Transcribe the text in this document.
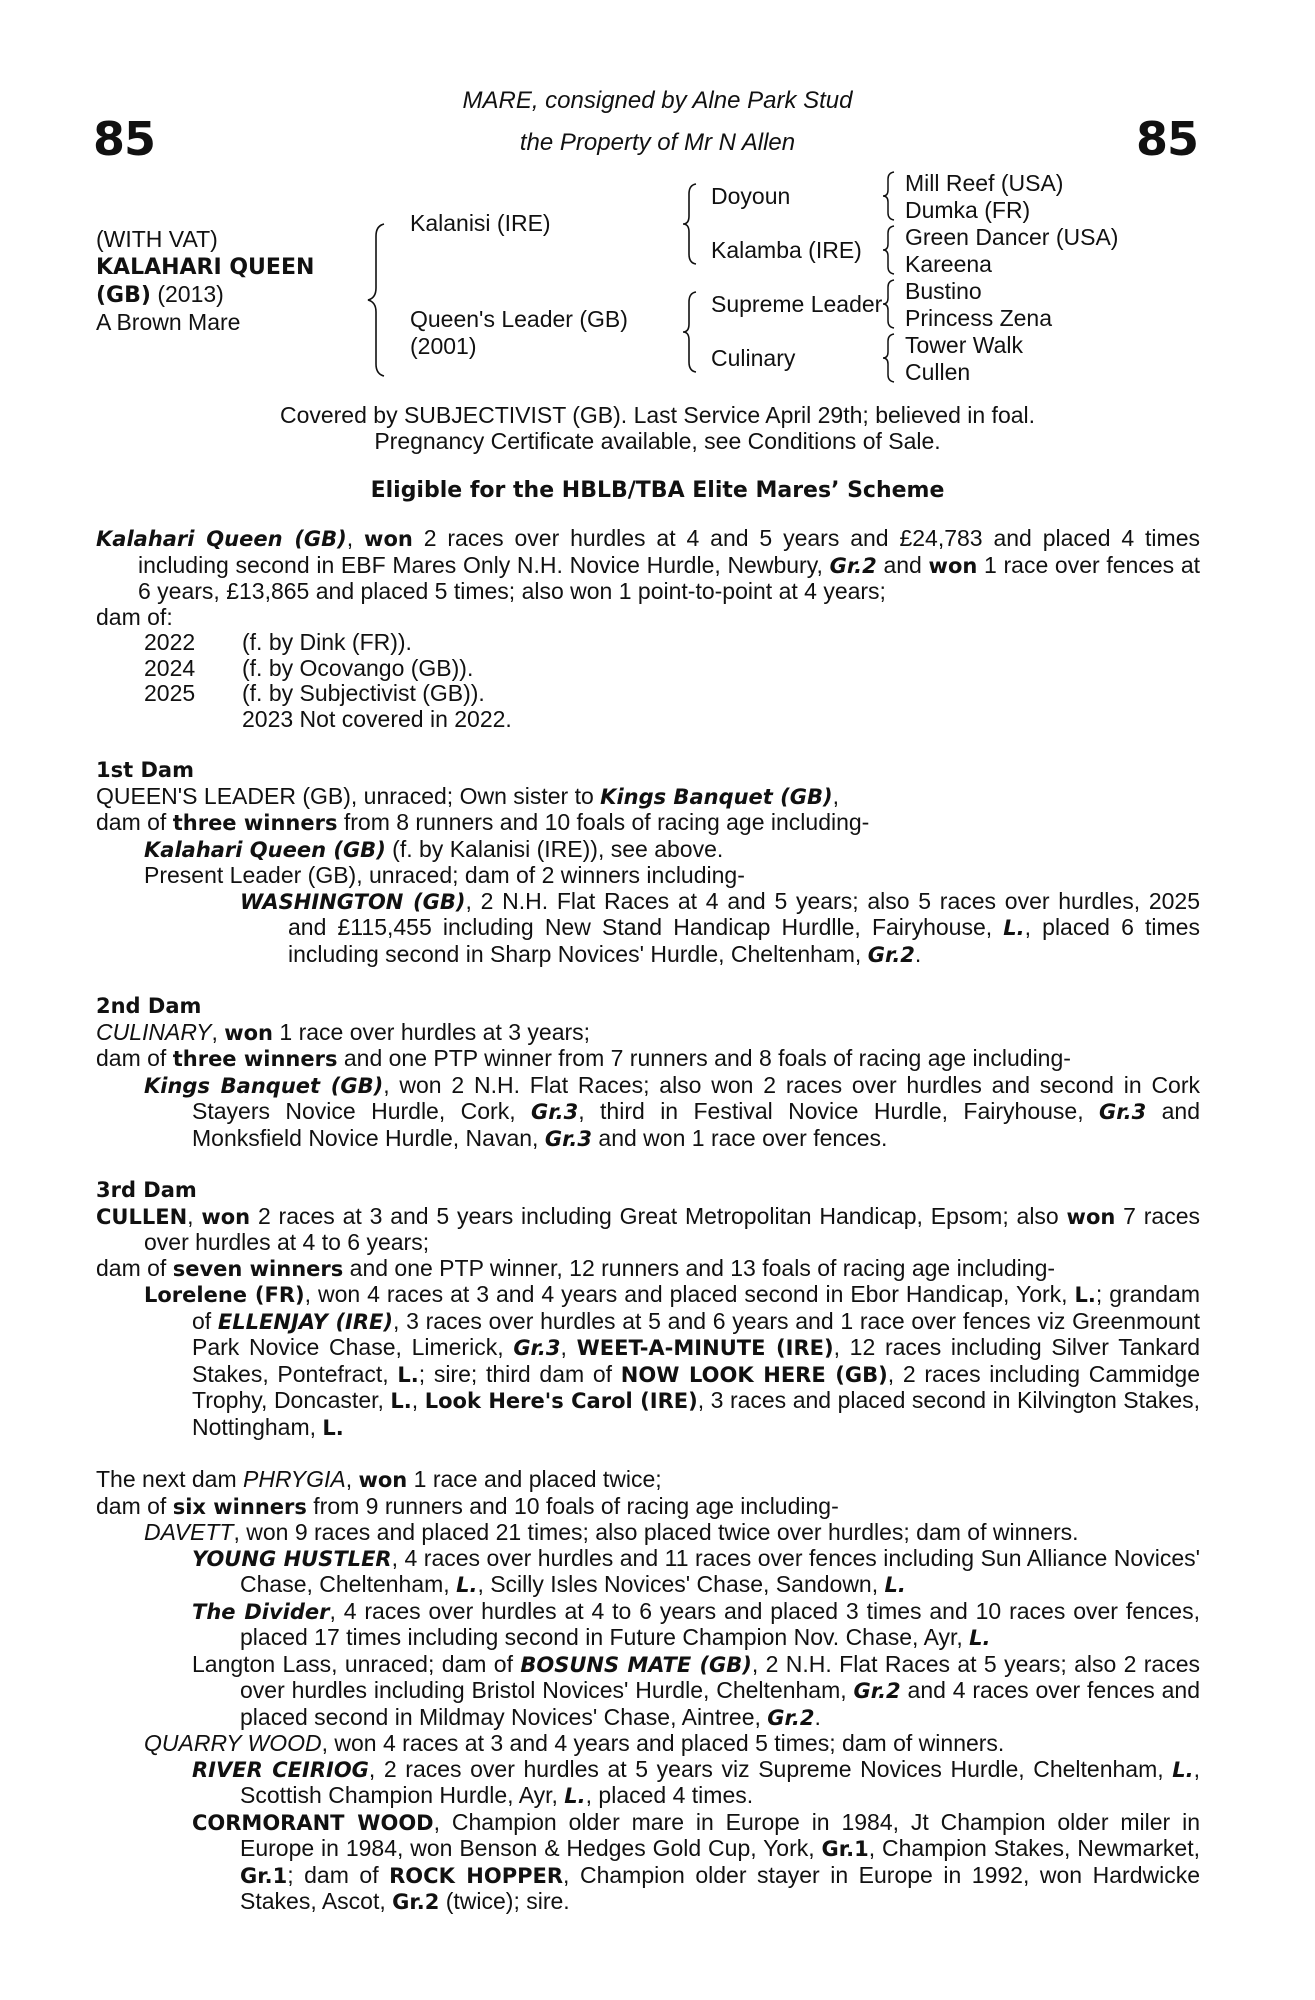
85	85
MARE, consigned by Alne Park Stud
the Property of Mr N Allen
(WITH VAT)
KALAHARI QUEEN
(GB) (2013)
A Brown Mare
Kalanisi (IRE)
Queen's Leader (GB)
(2001)
Doyoun
Kalamba (IRE)
Supreme Leader
Culinary
Mill Reef (USA)
Dumka (FR)
Green Dancer (USA)
Kareena
Bustino
Princess Zena
Tower Walk
Cullen
Covered by SUBJECTIVIST (GB). Last Service April 29th; believed in foal.
Pregnancy Certificate available, see Conditions of Sale.
Eligible for the HBLB/TBA Elite Mares’ Scheme

Kalahari Queen (GB), won 2 races over hurdles at 4 and 5 years and £24,783 and placed 4 times including second in EBF Mares Only N.H. Novice Hurdle, Newbury, Gr.2 and won 1 race over fences at 6 years, £13,865 and placed 5 times; also won 1 point-to-point at 4 years;

dam of:
2022	(f. by Dink (FR)).
2024	(f. by Ocovango (GB)).
2025	(f. by Subjectivist (GB)).
2023 Not covered in 2022.
1st Dam

QUEEN'S LEADER (GB), unraced; Own sister to Kings Banquet (GB),

dam of three winners from 8 runners and 10 foals of racing age including-

Kalahari Queen (GB) (f. by Kalanisi (IRE)), see above.

Present Leader (GB), unraced; dam of 2 winners including-

WASHINGTON (GB), 2 N.H. Flat Races at 4 and 5 years; also 5 races over hurdles, 2025 and £115,455 including New Stand Handicap Hurdlle, Fairyhouse, L., placed 6 times including second in Sharp Novices' Hurdle, Cheltenham, Gr.2.

2nd Dam

CULINARY, won 1 race over hurdles at 3 years;

dam of three winners and one PTP winner from 7 runners and 8 foals of racing age including-

Kings Banquet (GB), won 2 N.H. Flat Races; also won 2 races over hurdles and second in Cork Stayers Novice Hurdle, Cork, Gr.3, third in Festival Novice Hurdle, Fairyhouse, Gr.3 and Monksfield Novice Hurdle, Navan, Gr.3 and won 1 race over fences.

3rd Dam

CULLEN, won 2 races at 3 and 5 years including Great Metropolitan Handicap, Epsom; also won 7 races over hurdles at 4 to 6 years;

dam of seven winners and one PTP winner, 12 runners and 13 foals of racing age including-

Lorelene (FR), won 4 races at 3 and 4 years and placed second in Ebor Handicap, York, L.; grandam of ELLENJAY (IRE), 3 races over hurdles at 5 and 6 years and 1 race over fences viz Greenmount Park Novice Chase, Limerick, Gr.3, WEET-A-MINUTE (IRE), 12 races including Silver Tankard Stakes, Pontefract, L.; sire; third dam of NOW LOOK HERE (GB), 2 races including Cammidge Trophy, Doncaster, L., Look Here's Carol (IRE), 3 races and placed second in Kilvington Stakes, Nottingham, L.

The next dam PHRYGIA, won 1 race and placed twice;

dam of six winners from 9 runners and 10 foals of racing age including-

DAVETT, won 9 races and placed 21 times; also placed twice over hurdles; dam of winners.

YOUNG HUSTLER, 4 races over hurdles and 11 races over fences including Sun Alliance Novices' Chase, Cheltenham, L., Scilly Isles Novices' Chase, Sandown, L.

The Divider, 4 races over hurdles at 4 to 6 years and placed 3 times and 10 races over fences, placed 17 times including second in Future Champion Nov. Chase, Ayr, L.

Langton Lass, unraced; dam of BOSUNS MATE (GB), 2 N.H. Flat Races at 5 years; also 2 races over hurdles including Bristol Novices' Hurdle, Cheltenham, Gr.2 and 4 races over fences and placed second in Mildmay Novices' Chase, Aintree, Gr.2.

QUARRY WOOD, won 4 races at 3 and 4 years and placed 5 times; dam of winners.

RIVER CEIRIOG, 2 races over hurdles at 5 years viz Supreme Novices Hurdle, Cheltenham, L., Scottish Champion Hurdle, Ayr, L., placed 4 times.

CORMORANT WOOD, Champion older mare in Europe in 1984, Jt Champion older miler in Europe in 1984, won Benson & Hedges Gold Cup, York, Gr.1, Champion Stakes, Newmarket, Gr.1; dam of ROCK HOPPER, Champion older stayer in Europe in 1992, won Hardwicke Stakes, Ascot, Gr.2 (twice); sire.
